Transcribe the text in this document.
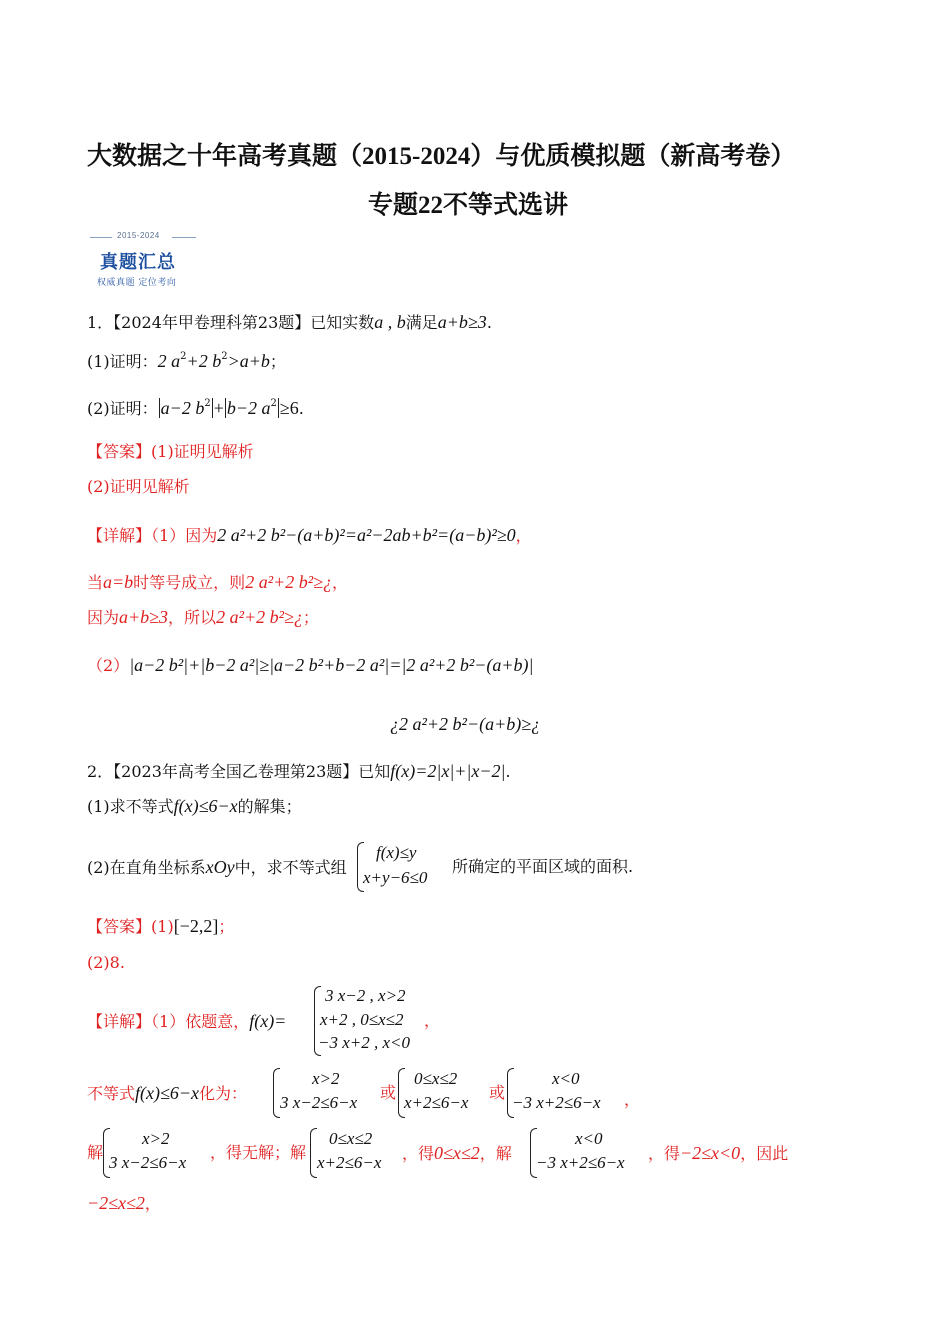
大数据之十年高考真题（2015-2024）与优质模拟题（新高考卷）
专题22不等式选讲
2015-2024
真题汇总
权威真题 定位考向
1．【2024年甲卷理科第23题】已知实数a , b满足a+b≥3.
(1)证明：2 $a^2+2$ $b^2>a+b$；
(2)证明： a−2 $b^2 + b-2$ $a^2 \ge 6$.
【答案】(1)证明见解析
(2)证明见解析
【详解】（1）因为2 a²+2 b²−(a+b)²=a²−2ab+b²=(a−b)²≥0，
当a=b时等号成立，则2 a²+2 b²≥¿，
因为a+b≥3，所以2 a²+2 b²≥¿；
（2）|a−2 b²|+|b−2 a²|≥|a−2 b²+b−2 a²|=|2 a²+2 b²−(a+b)|
¿2 a²+2 b²−(a+b)≥¿
2．【2023年高考全国乙卷理第23题】已知f(x)=2|x|+|x−2|.
(1)求不等式f(x)≤6−x的解集；
(2)在直角坐标系xOy中，求不等式组
f(x)≤y
x+y−6≤0
所确定的平面区域的面积.
【答案】(1)[−2,2]；
(2)8.
【详解】（1）依题意，f(x)=
3 x−2 , x>2
x+2 , 0≤x≤2
−3 x+2 , x<0
，
不等式f(x)≤6−x化为：
x>2
3 x−2≤6−x
或
0≤x≤2
x+2≤6−x
或
x<0
−3 x+2≤6−x ，
解
x>2
3 x−2≤6−x
，得无解；解
0≤x≤2
x+2≤6−x ，得0≤x≤2，解
x<0
−3 x+2≤6−x ，得−2≤x<0，因此
−2≤x≤2，
